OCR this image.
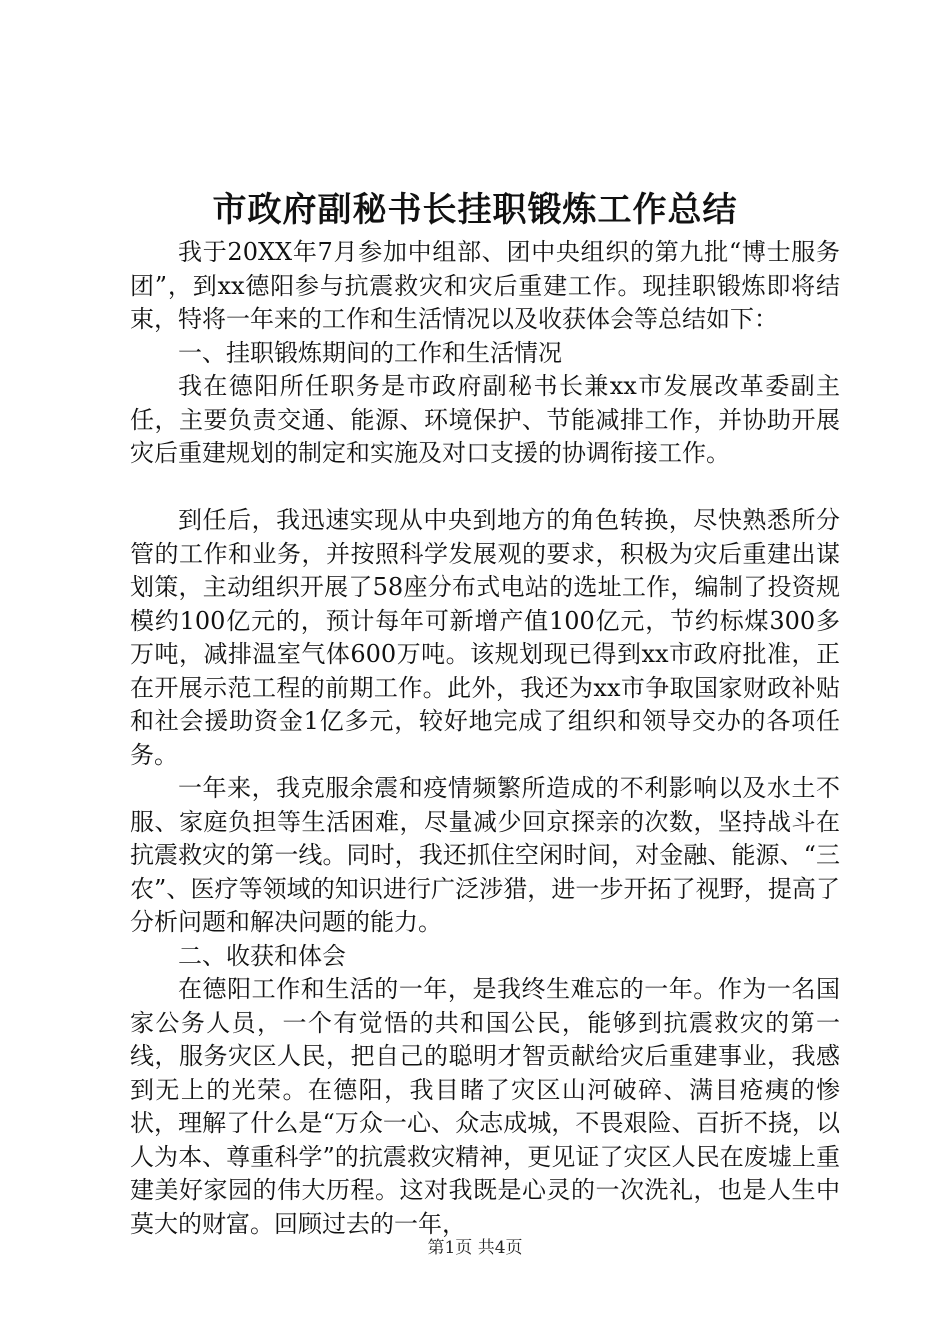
市政府副秘书长挂职锻炼工作总结

我于20XX年7月参加中组部、团中央组织的第九批“博士服务团”，到xx德阳参与抗震救灾和灾后重建工作。现挂职锻炼即将结束，特将一年来的工作和生活情况以及收获体会等总结如下：

一、挂职锻炼期间的工作和生活情况

我在德阳所任职务是市政府副秘书长兼xx市发展改革委副主任，主要负责交通、能源、环境保护、节能减排工作，并协助开展灾后重建规划的制定和实施及对口支援的协调衔接工作。

到任后，我迅速实现从中央到地方的角色转换，尽快熟悉所分管的工作和业务，并按照科学发展观的要求，积极为灾后重建出谋划策，主动组织开展了58座分布式电站的选址工作，编制了投资规模约100亿元的，预计每年可新增产值100亿元，节约标煤300多万吨，减排温室气体600万吨。该规划现已得到xx市政府批准，正在开展示范工程的前期工作。此外，我还为xx市争取国家财政补贴和社会援助资金1亿多元，较好地完成了组织和领导交办的各项任务。

一年来，我克服余震和疫情频繁所造成的不利影响以及水土不服、家庭负担等生活困难，尽量减少回京探亲的次数，坚持战斗在抗震救灾的第一线。同时，我还抓住空闲时间，对金融、能源、“三农”、医疗等领域的知识进行广泛涉猎，进一步开拓了视野，提高了分析问题和解决问题的能力。

二、收获和体会

在德阳工作和生活的一年，是我终生难忘的一年。作为一名国家公务人员，一个有觉悟的共和国公民，能够到抗震救灾的第一线，服务灾区人民，把自己的聪明才智贡献给灾后重建事业，我感到无上的光荣。在德阳，我目睹了灾区山河破碎、满目疮痍的惨状，理解了什么是“万众一心、众志成城，不畏艰险、百折不挠，以人为本、尊重科学”的抗震救灾精神，更见证了灾区人民在废墟上重建美好家园的伟大历程。这对我既是心灵的一次洗礼，也是人生中莫大的财富。回顾过去的一年，

第1页 共4页
